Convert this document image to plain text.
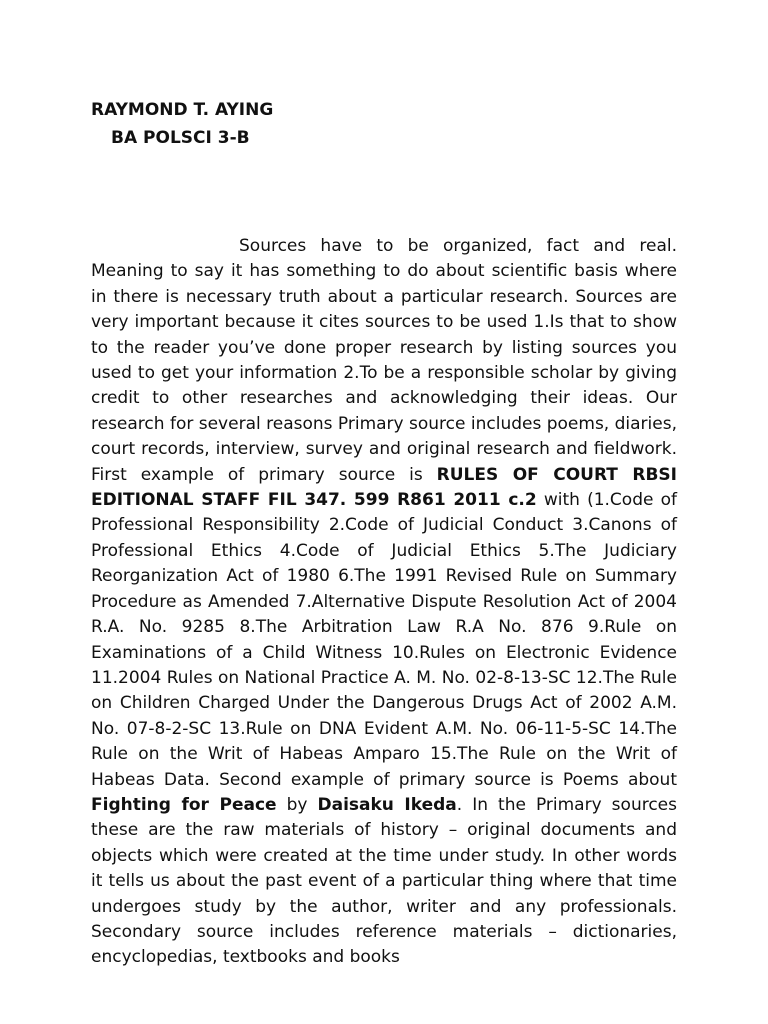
RAYMOND T. AYING
BA POLSCI 3-B

Sources have to be organized, fact and real. Meaning to say it has something to do about scientific basis where in there is necessary truth about a particular research. Sources are very important because it cites sources to be used 1.Is that to show to the reader you’ve done proper research by listing sources you used to get your information 2.To be a responsible scholar by giving credit to other researches and acknowledging their ideas. Our research for several reasons Primary source includes poems, diaries, court records, interview, survey and original research and fieldwork. First example of primary source is RULES OF COURT RBSI EDITIONAL STAFF FIL 347. 599 R861 2011 c.2 with (1.Code of Professional Responsibility 2.Code of Judicial Conduct 3.Canons of Professional Ethics 4.Code of Judicial Ethics 5.The Judiciary Reorganization Act of 1980 6.The 1991 Revised Rule on Summary Procedure as Amended 7.Alternative Dispute Resolution Act of 2004 R.A. No. 9285 8.The Arbitration Law R.A No. 876 9.Rule on Examinations of a Child Witness 10.Rules on Electronic Evidence 11.2004 Rules on National Practice A. M. No. 02-8-13-SC 12.The Rule on Children Charged Under the Dangerous Drugs Act of 2002 A.M. No. 07-8-2-SC 13.Rule on DNA Evident A.M. No. 06-11-5-SC 14.The Rule on the Writ of Habeas Amparo 15.The Rule on the Writ of Habeas Data. Second example of primary source is Poems about Fighting for Peace by Daisaku Ikeda. In the Primary sources these are the raw materials of history – original documents and objects which were created at the time under study. In other words it tells us about the past event of a particular thing where that time undergoes study by the author, writer and any professionals. Secondary source includes reference materials – dictionaries, encyclopedias, textbooks and books
